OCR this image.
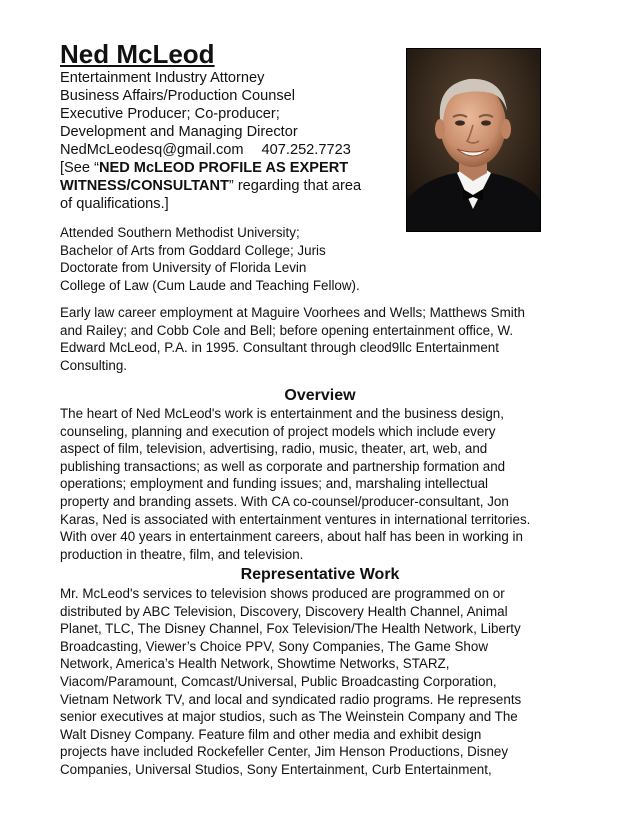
Ned McLeod
Entertainment Industry Attorney
Business Affairs/Production Counsel
Executive Producer; Co-producer;
Development and Managing Director
NedMcLeodesq@gmail.com 407.252.7723
[See “NED McLEOD PROFILE AS EXPERT
WITNESS/CONSULTANT” regarding that area
of qualifications.]
Attended Southern Methodist University;
Bachelor of Arts from Goddard College; Juris
Doctorate from University of Florida Levin
College of Law (Cum Laude and Teaching Fellow).
Early law career employment at Maguire Voorhees and Wells; Matthews Smith
and Railey; and Cobb Cole and Bell; before opening entertainment office, W.
Edward McLeod, P.A. in 1995. Consultant through cleod9llc Entertainment
Consulting.
Overview
The heart of Ned McLeod's work is entertainment and the business design,
counseling, planning and execution of project models which include every
aspect of film, television, advertising, radio, music, theater, art, web, and
publishing transactions; as well as corporate and partnership formation and
operations; employment and funding issues; and, marshaling intellectual
property and branding assets. With CA co-counsel/producer-consultant, Jon
Karas, Ned is associated with entertainment ventures in international territories.
With over 40 years in entertainment careers, about half has been in working in
production in theatre, film, and television.
Representative Work
Mr. McLeod's services to television shows produced are programmed on or
distributed by ABC Television, Discovery, Discovery Health Channel, Animal
Planet, TLC, The Disney Channel, Fox Television/The Health Network, Liberty
Broadcasting, Viewer’s Choice PPV, Sony Companies, The Game Show
Network, America’s Health Network, Showtime Networks, STARZ,
Viacom/Paramount, Comcast/Universal, Public Broadcasting Corporation,
Vietnam Network TV, and local and syndicated radio programs. He represents
senior executives at major studios, such as The Weinstein Company and The
Walt Disney Company. Feature film and other media and exhibit design
projects have included Rockefeller Center, Jim Henson Productions, Disney
Companies, Universal Studios, Sony Entertainment, Curb Entertainment,
